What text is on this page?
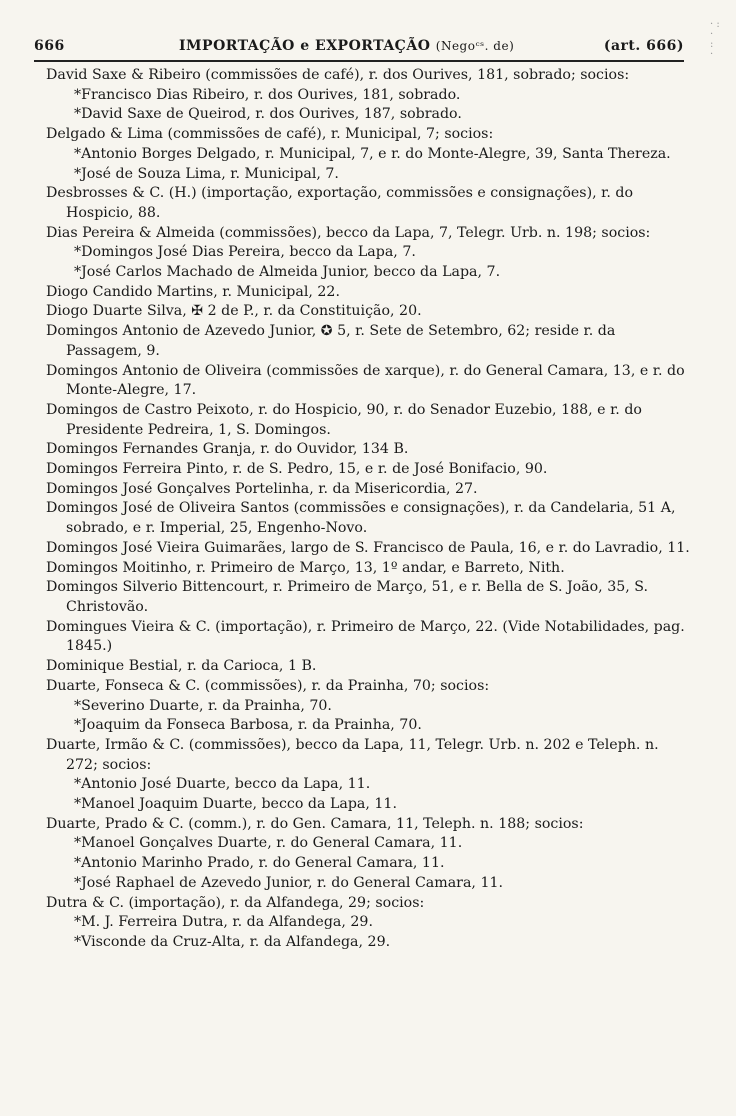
666	IMPORTAÇÃO e EXPORTAÇÃO (Negoᶜˢ. de)	(art. 666)
· :
·
:
·

David Saxe & Ribeiro (commissões de café), r. dos Ourives, 181, sobrado; socios:

*Francisco Dias Ribeiro, r. dos Ourives, 181, sobrado.

*David Saxe de Queirod, r. dos Ourives, 187, sobrado.

Delgado & Lima (commissões de café), r. Municipal, 7; socios:

*Antonio Borges Delgado, r. Municipal, 7, e r. do Monte-Alegre, 39, Santa Thereza.

*José de Souza Lima, r. Municipal, 7.

Desbrosses & C. (H.) (importação, exportação, commissões e consignações), r. do Hospicio, 88.

Dias Pereira & Almeida (commissões), becco da Lapa, 7, Telegr. Urb. n. 198; socios:

*Domingos José Dias Pereira, becco da Lapa, 7.

*José Carlos Machado de Almeida Junior, becco da Lapa, 7.

Diogo Candido Martins, r. Municipal, 22.

Diogo Duarte Silva, ✠ 2 de P., r. da Constituição, 20.

Domingos Antonio de Azevedo Junior, ✪ 5, r. Sete de Setembro, 62; reside r. da Passagem, 9.

Domingos Antonio de Oliveira (commissões de xarque), r. do General Camara, 13, e r. do Monte-Alegre, 17.

Domingos de Castro Peixoto, r. do Hospicio, 90, r. do Senador Euzebio, 188, e r. do Presidente Pedreira, 1, S. Domingos.

Domingos Fernandes Granja, r. do Ouvidor, 134 B.

Domingos Ferreira Pinto, r. de S. Pedro, 15, e r. de José Bonifacio, 90.

Domingos José Gonçalves Portelinha, r. da Misericordia, 27.

Domingos José de Oliveira Santos (commissões e consignações), r. da Candelaria, 51 A, sobrado, e r. Imperial, 25, Engenho-Novo.

Domingos José Vieira Guimarães, largo de S. Francisco de Paula, 16, e r. do Lavradio, 11.

Domingos Moitinho, r. Primeiro de Março, 13, 1º andar, e Barreto, Nith.

Domingos Silverio Bittencourt, r. Primeiro de Março, 51, e r. Bella de S. João, 35, S. Christovão.

Domingues Vieira & C. (importação), r. Primeiro de Março, 22. (Vide Notabilidades, pag. 1845.)

Dominique Bestial, r. da Carioca, 1 B.

Duarte, Fonseca & C. (commissões), r. da Prainha, 70; socios:

*Severino Duarte, r. da Prainha, 70.

*Joaquim da Fonseca Barbosa, r. da Prainha, 70.

Duarte, Irmão & C. (commissões), becco da Lapa, 11, Telegr. Urb. n. 202 e Teleph. n. 272; socios:

*Antonio José Duarte, becco da Lapa, 11.

*Manoel Joaquim Duarte, becco da Lapa, 11.

Duarte, Prado & C. (comm.), r. do Gen. Camara, 11, Teleph. n. 188; socios:

*Manoel Gonçalves Duarte, r. do General Camara, 11.

*Antonio Marinho Prado, r. do General Camara, 11.

*José Raphael de Azevedo Junior, r. do General Camara, 11.

Dutra & C. (importação), r. da Alfandega, 29; socios:

*M. J. Ferreira Dutra, r. da Alfandega, 29.

*Visconde da Cruz-Alta, r. da Alfandega, 29.
